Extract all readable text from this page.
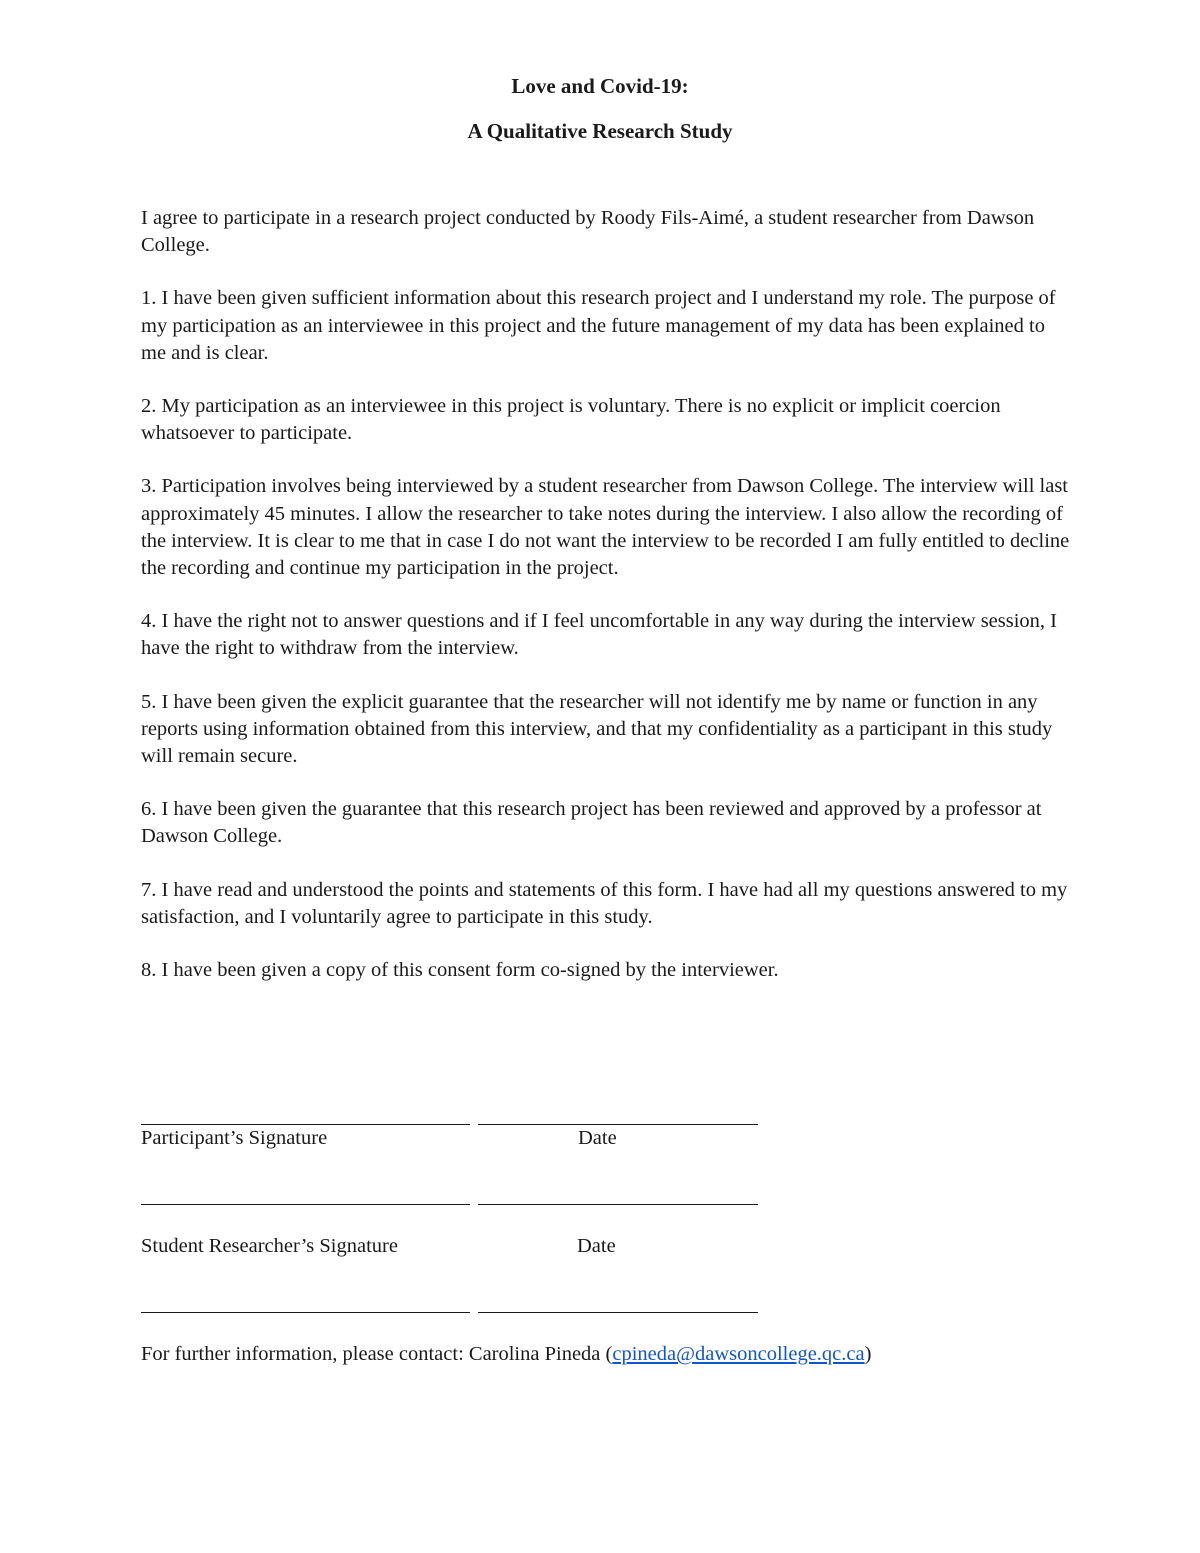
Love and Covid-19:
A Qualitative Research Study

I agree to participate in a research project conducted by Roody Fils-Aimé, a student researcher from Dawson College.

1. I have been given sufficient information about this research project and I understand my role. The purpose of my participation as an interviewee in this project and the future management of my data has been explained to me and is clear.

2. My participation as an interviewee in this project is voluntary. There is no explicit or implicit coercion whatsoever to participate.

3. Participation involves being interviewed by a student researcher from Dawson College. The interview will last approximately 45 minutes. I allow the researcher to take notes during the interview. I also allow the recording of the interview. It is clear to me that in case I do not want the interview to be recorded I am fully entitled to decline the recording and continue my participation in the project.

4. I have the right not to answer questions and if I feel uncomfortable in any way during the interview session, I have the right to withdraw from the interview.

5. I have been given the explicit guarantee that the researcher will not identify me by name or function in any reports using information obtained from this interview, and that my confidentiality as a participant in this study will remain secure.

6. I have been given the guarantee that this research project has been reviewed and approved by a professor at Dawson College.

7. I have read and understood the points and statements of this form. I have had all my questions answered to my satisfaction, and I voluntarily agree to participate in this study.

8. I have been given a copy of this consent form co-signed by the interviewer.

Participant’s Signature	Date
Student Researcher’s Signature	Date
For further information, please contact: Carolina Pineda (cpineda@dawsoncollege.qc.ca)
